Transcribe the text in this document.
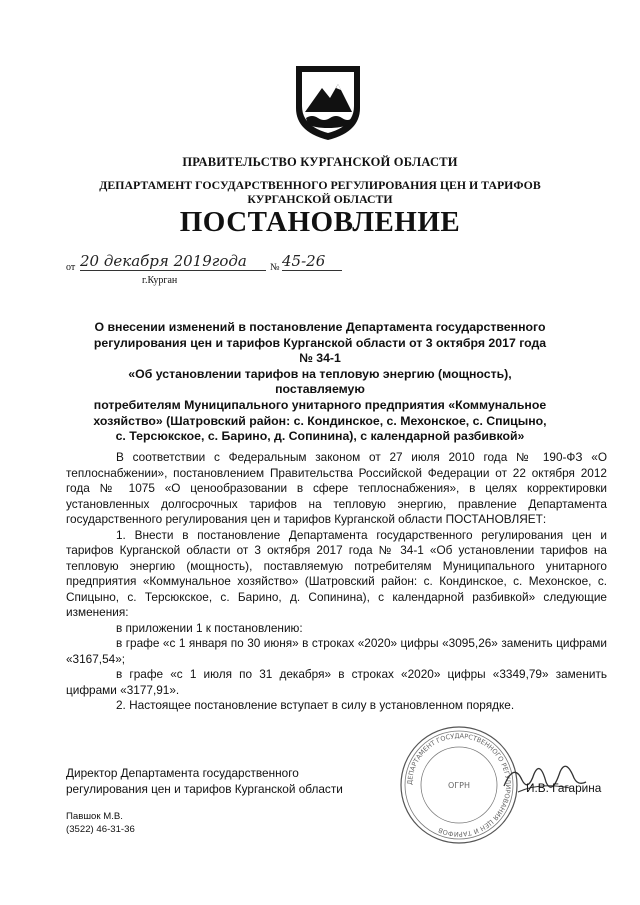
ПРАВИТЕЛЬСТВО КУРГАНСКОЙ ОБЛАСТИ
ДЕПАРТАМЕНТ ГОСУДАРСТВЕННОГО РЕГУЛИРОВАНИЯ ЦЕН И ТАРИФОВ
КУРГАНСКОЙ ОБЛАСТИ
ПОСТАНОВЛЕНИЕ
от 20 декабря 2019года	№ 45-26
г.Курган
О внесении изменений в постановление Департамента государственного
регулирования цен и тарифов Курганской области от 3 октября 2017 года № 34-1
«Об установлении тарифов на тепловую энергию (мощность), поставляемую
потребителям Муниципального унитарного предприятия «Коммунальное
хозяйство» (Шатровский район: с. Кондинское, с. Мехонское, с. Спицыно,
с. Терсюкское, с. Барино, д. Сопинина), с календарной разбивкой»

В соответствии с Федеральным законом от 27 июля 2010 года № 190-ФЗ «О теплоснабжении», постановлением Правительства Российской Федерации от 22 октября 2012 года № 1075 «О ценообразовании в сфере теплоснабжения», в целях корректировки установленных долгосрочных тарифов на тепловую энергию, правление Департамента государственного регулирования цен и тарифов Курганской области ПОСТАНОВЛЯЕТ:

1. Внести в постановление Департамента государственного регулирования цен и тарифов Курганской области от 3 октября 2017 года № 34-1 «Об установлении тарифов на тепловую энергию (мощность), поставляемую потребителям Муниципального унитарного предприятия «Коммунальное хозяйство» (Шатровский район: с. Кондинское, с. Мехонское, с. Спицыно, с. Терсюкское, с. Барино, д. Сопинина), с календарной разбивкой» следующие изменения:

в приложении 1 к постановлению:

в графе «с 1 января по 30 июня» в строках «2020» цифры «3095,26» заменить цифрами «3167,54»;

в графе «с 1 июля по 31 декабря» в строках «2020» цифры «3349,79» заменить цифрами «3177,91».

2. Настоящее постановление вступает в силу в установленном порядке.

ДЕПАРТАМЕНТ ГОСУДАРСТВЕННОГО РЕГУЛИРОВАНИЯ ЦЕН И ТАРИФОВ
ОГРН
Директор Департамента государственного
регулирования цен и тарифов Курганской области	И.В. Гагарина
Павшок М.В.
(3522) 46-31-36
